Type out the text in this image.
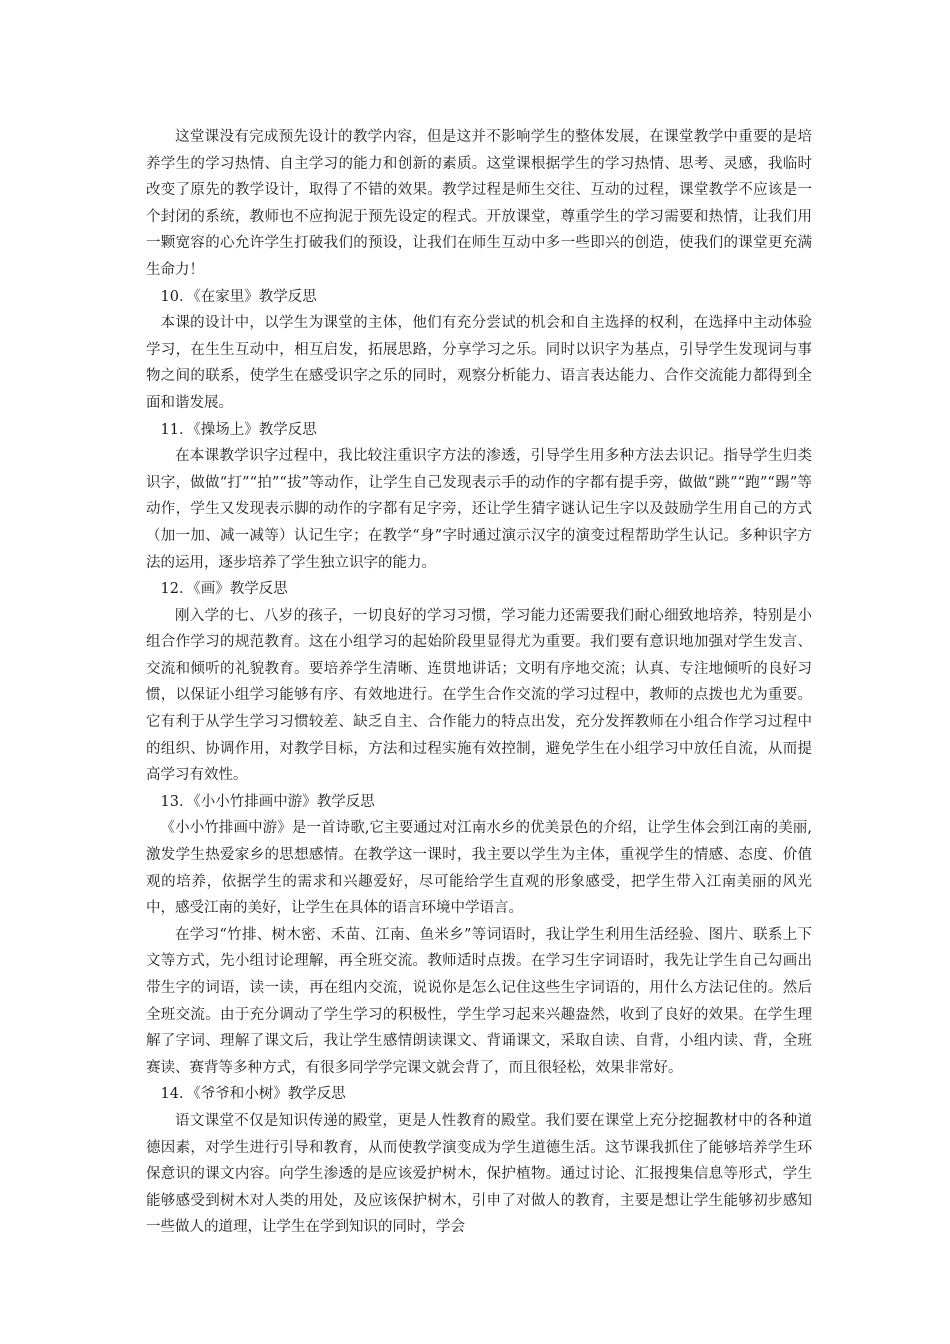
这堂课没有完成预先设计的教学内容，但是这并不影响学生的整体发展，在课堂教学中重要的是培养学生的学习热情、自主学习的能力和创新的素质。这堂课根据学生的学习热情、思考、灵感，我临时改变了原先的教学设计，取得了不错的效果。教学过程是师生交往、互动的过程，课堂教学不应该是一个封闭的系统，教师也不应拘泥于预先设定的程式。开放课堂，尊重学生的学习需要和热情，让我们用一颗宽容的心允许学生打破我们的预设，让我们在师生互动中多一些即兴的创造，使我们的课堂更充满生命力！

10．《在家里》教学反思

本课的设计中，以学生为课堂的主体，他们有充分尝试的机会和自主选择的权利，在选择中主动体验学习，在生生互动中，相互启发，拓展思路，分享学习之乐。同时以识字为基点，引导学生发现词与事物之间的联系，使学生在感受识字之乐的同时，观察分析能力、语言表达能力、合作交流能力都得到全面和谐发展。

11．《操场上》教学反思

在本课教学识字过程中，我比较注重识字方法的渗透，引导学生用多种方法去识记。指导学生归类识字，做做“打”“拍”“拔”等动作，让学生自己发现表示手的动作的字都有提手旁，做做“跳”“跑”“踢”等动作，学生又发现表示脚的动作的字都有足字旁，还让学生猜字谜认记生字以及鼓励学生用自己的方式（加一加、减一减等）认记生字；在教学“身”字时通过演示汉字的演变过程帮助学生认记。多种识字方法的运用，逐步培养了学生独立识字的能力。

12．《画》教学反思

刚入学的七、八岁的孩子，一切良好的学习习惯，学习能力还需要我们耐心细致地培养，特别是小组合作学习的规范教育。这在小组学习的起始阶段里显得尤为重要。我们要有意识地加强对学生发言、交流和倾听的礼貌教育。要培养学生清晰、连贯地讲话；文明有序地交流；认真、专注地倾听的良好习惯，以保证小组学习能够有序、有效地进行。在学生合作交流的学习过程中，教师的点拨也尤为重要。它有利于从学生学习习惯较差、缺乏自主、合作能力的特点出发，充分发挥教师在小组合作学习过程中的组织、协调作用，对教学目标，方法和过程实施有效控制，避免学生在小组学习中放任自流，从而提高学习有效性。

13．《小小竹排画中游》教学反思

《小小竹排画中游》是一首诗歌,它主要通过对江南水乡的优美景色的介绍，让学生体会到江南的美丽,激发学生热爱家乡的思想感情。在教学这一课时，我主要以学生为主体，重视学生的情感、态度、价值观的培养，依据学生的需求和兴趣爱好，尽可能给学生直观的形象感受，把学生带入江南美丽的风光中，感受江南的美好，让学生在具体的语言环境中学语言。

在学习“竹排、树木密、禾苗、江南、鱼米乡”等词语时，我让学生利用生活经验、图片、联系上下文等方式，先小组讨论理解，再全班交流。教师适时点拨。在学习生字词语时，我先让学生自己勾画出带生字的词语，读一读，再在组内交流，说说你是怎么记住这些生字词语的，用什么方法记住的。然后全班交流。由于充分调动了学生学习的积极性，学生学习起来兴趣盎然，收到了良好的效果。在学生理解了字词、理解了课文后，我让学生感情朗读课文、背诵课文，采取自读、自背，小组内读、背，全班赛读、赛背等多种方式，有很多同学学完课文就会背了，而且很轻松，效果非常好。

14．《爷爷和小树》教学反思

语文课堂不仅是知识传递的殿堂，更是人性教育的殿堂。我们要在课堂上充分挖掘教材中的各种道德因素，对学生进行引导和教育，从而使教学演变成为学生道德生活。这节课我抓住了能够培养学生环保意识的课文内容。向学生渗透的是应该爱护树木，保护植物。通过讨论、汇报搜集信息等形式，学生能够感受到树木对人类的用处，及应该保护树木，引申了对做人的教育，主要是想让学生能够初步感知一些做人的道理，让学生在学到知识的同时，学会
